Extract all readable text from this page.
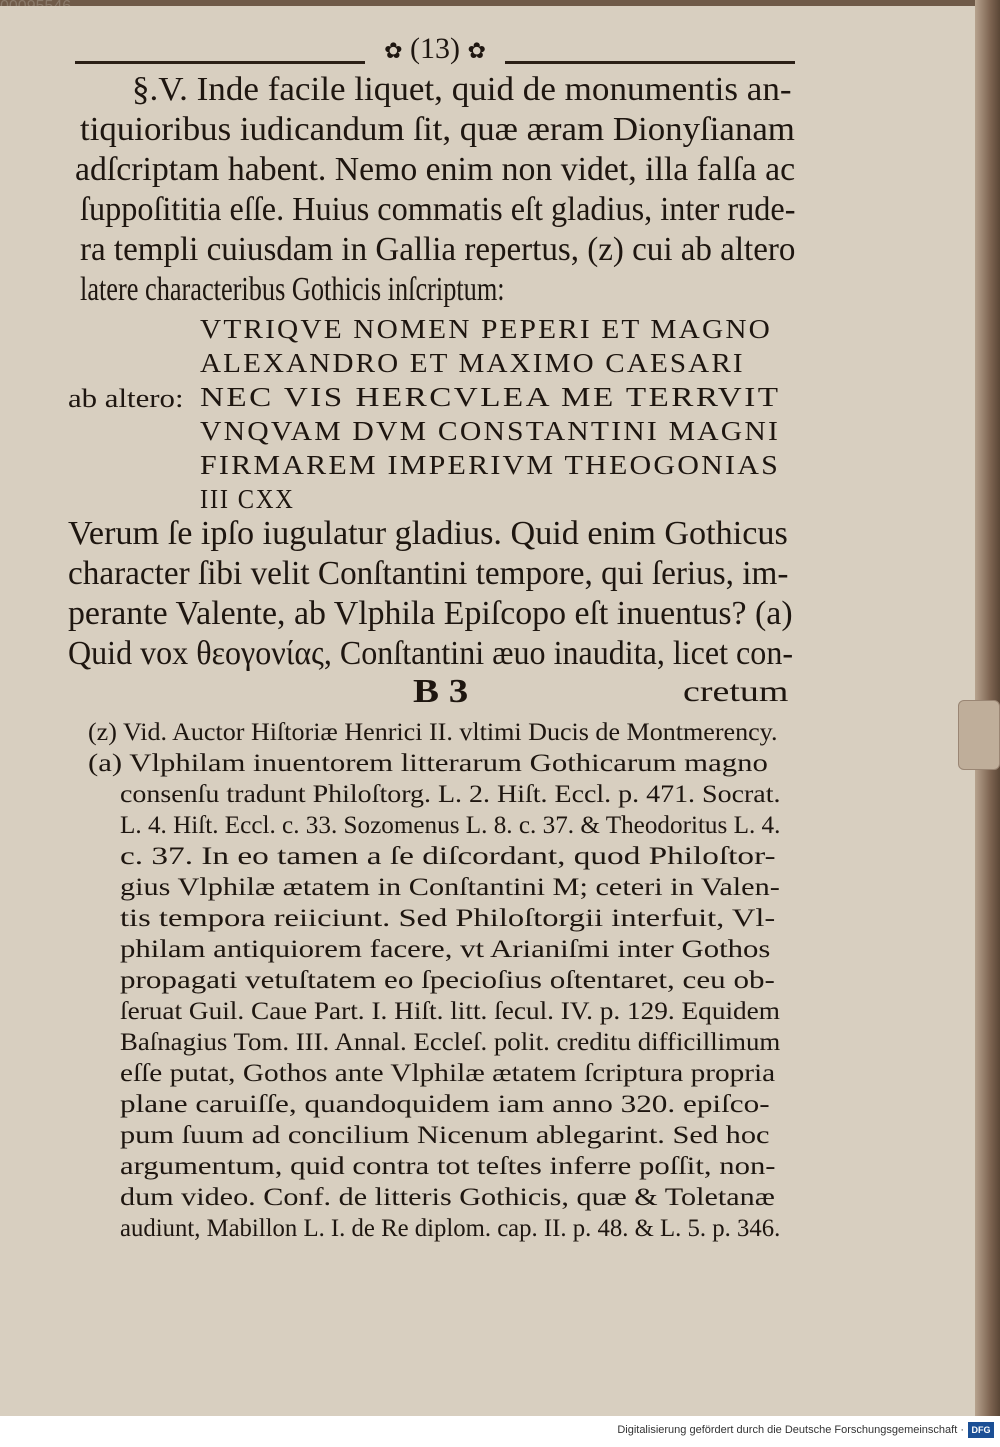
✿ (13) ✿
§.V. Inde facile liquet, quid de monumentis an-
tiquioribus iudicandum ſit, quæ æram Dionyſianam
adſcriptam habent. Nemo enim non videt, illa falſa ac
ſuppoſititia eſſe. Huius commatis eſt gladius, inter rude-
ra templi cuiusdam in Gallia repertus, (z) cui ab altero
latere characteribus Gothicis inſcriptum:
VTRIQVE NOMEN PEPERI ET MAGNO
ALEXANDRO ET MAXIMO CAESARI
ab altero: NEC VIS HERCVLEA ME TERRVIT
VNQVAM DVM CONSTANTINI MAGNI
FIRMAREM IMPERIVM THEOGONIAS
III CXX
Verum ſe ipſo iugulatur gladius. Quid enim Gothicus
character ſibi velit Conſtantini tempore, qui ſerius, im-
perante Valente, ab Vlphila Epiſcopo eſt inuentus? (a)
Quid vox θεογονίας, Conſtantini æuo inaudita, licet con-
B 3	cretum
(z) Vid. Auctor Hiſtoriæ Henrici II. vltimi Ducis de Montmerency.
(a) Vlphilam inuentorem litterarum Gothicarum magno
consenſu tradunt Philoſtorg. L. 2. Hiſt. Eccl. p. 471. Socrat.
L. 4. Hiſt. Eccl. c. 33. Sozomenus L. 8. c. 37. & Theodoritus L. 4.
c. 37. In eo tamen a ſe diſcordant, quod Philoſtor-
gius Vlphilæ ætatem in Conſtantini M; ceteri in Valen-
tis tempora reiiciunt. Sed Philoſtorgii interfuit, Vl-
philam antiquiorem facere, vt Arianiſmi inter Gothos
propagati vetuſtatem eo ſpecioſius oſtentaret, ceu ob-
ſeruat Guil. Caue Part. I. Hiſt. litt. ſecul. IV. p. 129. Equidem
Baſnagius Tom. III. Annal. Eccleſ. polit. creditu difficillimum
eſſe putat, Gothos ante Vlphilæ ætatem ſcriptura propria
plane caruiſſe, quandoquidem iam anno 320. epiſco-
pum ſuum ad concilium Nicenum ablegarint. Sed hoc
argumentum, quid contra tot teſtes inferre poſſit, non-
dum video. Conf. de litteris Gothicis, quæ & Toletanæ
audiunt, Mabillon L. I. de Re diplom. cap. II. p. 48. & L. 5. p. 346.
Digitalisierung gefördert durch die Deutsche Forschungsgemeinschaft · DFG
